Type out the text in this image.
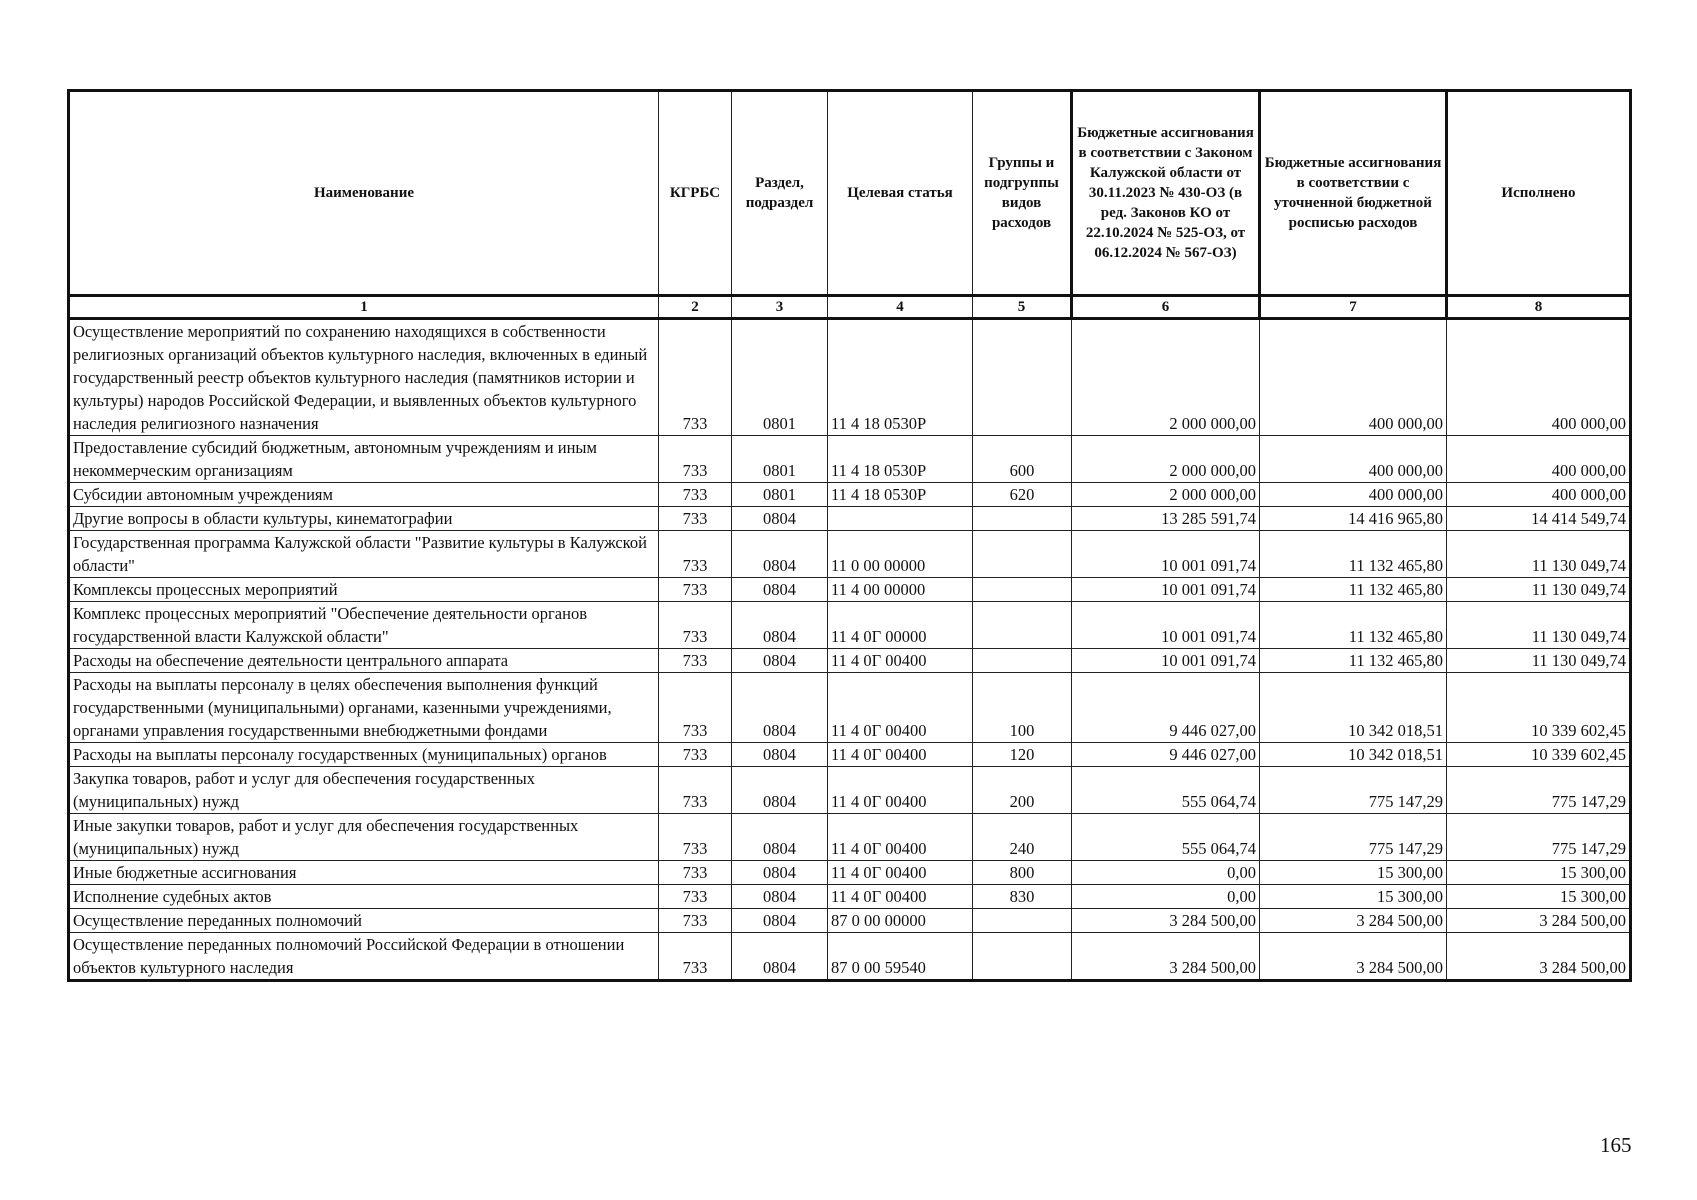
Наименование	КГРБС	Раздел, подраздел	Целевая статья	Группы и подгруппы видов расходов	Бюджетные ассигнования в соответствии с Законом Калужской области от 30.11.2023 № 430-ОЗ (в ред. Законов КО от 22.10.2024 № 525-ОЗ, от 06.12.2024 № 567-ОЗ)	Бюджетные ассигнования в соответствии с уточненной бюджетной росписью расходов	Исполнено
1	2	3	4	5	6	7	8
Осуществление мероприятий по сохранению находящихся в собственности религиозных организаций объектов культурного наследия, включенных в единый государственный реестр объектов культурного наследия (памятников истории и культуры) народов Российской Федерации, и выявленных объектов культурного наследия религиозного назначения	733	0801	11 4 18 0530Р		2 000 000,00	400 000,00	400 000,00
Предоставление субсидий бюджетным, автономным учреждениям и иным некоммерческим организациям	733	0801	11 4 18 0530Р	600	2 000 000,00	400 000,00	400 000,00
Субсидии автономным учреждениям	733	0801	11 4 18 0530Р	620	2 000 000,00	400 000,00	400 000,00
Другие вопросы в области культуры, кинематографии	733	0804			13 285 591,74	14 416 965,80	14 414 549,74
Государственная программа Калужской области "Развитие культуры в Калужской области"	733	0804	11 0 00 00000		10 001 091,74	11 132 465,80	11 130 049,74
Комплексы процессных мероприятий	733	0804	11 4 00 00000		10 001 091,74	11 132 465,80	11 130 049,74
Комплекс процессных мероприятий "Обеспечение деятельности органов государственной власти Калужской области"	733	0804	11 4 0Г 00000		10 001 091,74	11 132 465,80	11 130 049,74
Расходы на обеспечение деятельности центрального аппарата	733	0804	11 4 0Г 00400		10 001 091,74	11 132 465,80	11 130 049,74
Расходы на выплаты персоналу в целях обеспечения выполнения функций государственными (муниципальными) органами, казенными учреждениями, органами управления государственными внебюджетными фондами	733	0804	11 4 0Г 00400	100	9 446 027,00	10 342 018,51	10 339 602,45
Расходы на выплаты персоналу государственных (муниципальных) органов	733	0804	11 4 0Г 00400	120	9 446 027,00	10 342 018,51	10 339 602,45
Закупка товаров, работ и услуг для обеспечения государственных (муниципальных) нужд	733	0804	11 4 0Г 00400	200	555 064,74	775 147,29	775 147,29
Иные закупки товаров, работ и услуг для обеспечения государственных (муниципальных) нужд	733	0804	11 4 0Г 00400	240	555 064,74	775 147,29	775 147,29
Иные бюджетные ассигнования	733	0804	11 4 0Г 00400	800	0,00	15 300,00	15 300,00
Исполнение судебных актов	733	0804	11 4 0Г 00400	830	0,00	15 300,00	15 300,00
Осуществление переданных полномочий	733	0804	87 0 00 00000		3 284 500,00	3 284 500,00	3 284 500,00
Осуществление переданных полномочий Российской Федерации в отношении объектов культурного наследия	733	0804	87 0 00 59540		3 284 500,00	3 284 500,00	3 284 500,00
165
